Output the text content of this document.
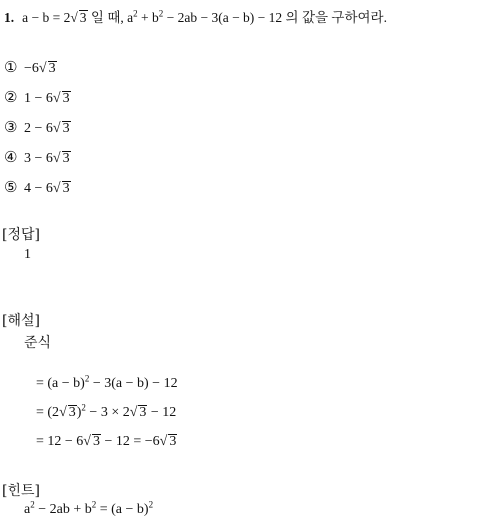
1. a − b = 2√ 3 일 때, $a^2 + b^2 - 2ab - 3(a - b) - 12$ 의 값을 구하여라.
① −6√ 3
② 1 − 6√ 3
③ 2 − 6√ 3
④ 3 − 6√ 3
⑤ 4 − 6√ 3
[정답]
1
[해설]
준식
= $(a - b)^2 - 3(a - b) - 12$
= (2√ 3)$^2$ − 3 × 2√ 3 − 12
= 12 − 6√ 3 − 12 = −6√ 3
[힌트]
$a^2 - 2ab + b^2 = (a - b)^2$
